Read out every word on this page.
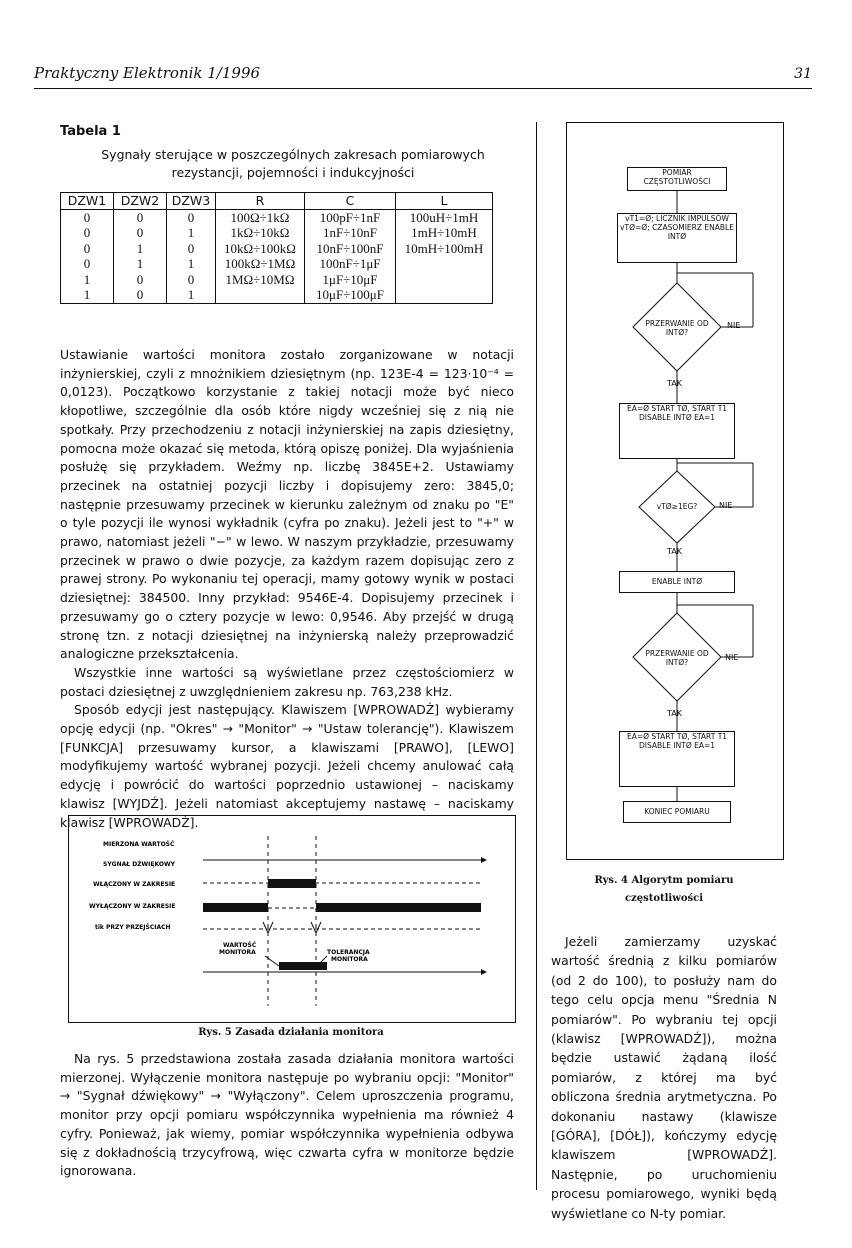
Praktyczny Elektronik 1/1996	31
Tabela 1
Sygnały sterujące w poszczególnych zakresach pomiarowych
rezystancji, pojemności i indukcyjności
DZW1	DZW2	DZW3	R	C	L
0	0	0	100Ω÷1kΩ	100pF÷1nF	100uH÷1mH
0	0	1	1kΩ÷10kΩ	1nF÷10nF	1mH÷10mH
0	1	0	10kΩ÷100kΩ	10nF÷100nF	10mH÷100mH
0	1	1	100kΩ÷1MΩ	100nF÷1μF	
1	0	0	1MΩ÷10MΩ	1μF÷10μF	
1	0	1		10μF÷100μF	

Ustawianie wartości monitora zostało zorganizowane w notacji inżynierskiej, czyli z mnożnikiem dziesiętnym (np. 123E-4 = 123·10⁻⁴ = 0,0123). Początkowo korzystanie z takiej notacji może być nieco kłopotliwe, szczególnie dla osób które nigdy wcześniej się z nią nie spotkały. Przy przechodzeniu z notacji inżynierskiej na zapis dziesiętny, pomocna może okazać się metoda, którą opiszę poniżej. Dla wyjaśnienia posłużę się przykładem. Weźmy np. liczbę 3845E+2. Ustawiamy przecinek na ostatniej pozycji liczby i dopisujemy zero: 3845,0; następnie przesuwamy przecinek w kierunku zależnym od znaku po "E" o tyle pozycji ile wynosi wykładnik (cyfra po znaku). Jeżeli jest to "+" w prawo, natomiast jeżeli "−" w lewo. W naszym przykładzie, przesuwamy przecinek w prawo o dwie pozycje, za każdym razem dopisując zero z prawej strony. Po wykonaniu tej operacji, mamy gotowy wynik w postaci dziesiętnej: 384500. Inny przykład: 9546E-4. Dopisujemy przecinek i przesuwamy go o cztery pozycje w lewo: 0,9546. Aby przejść w drugą stronę tzn. z notacji dziesiętnej na inżynierską należy przeprowadzić analogiczne przekształcenia.

Wszystkie inne wartości są wyświetlane przez częstościomierz w postaci dziesiętnej z uwzględnieniem zakresu np. 763,238 kHz.

Sposób edycji jest następujący. Klawiszem [WPROWADŹ] wybieramy opcję edycji (np. "Okres" → "Monitor" → "Ustaw tolerancję"). Klawiszem [FUNKCJA] przesuwamy kursor, a klawiszami [PRAWO], [LEWO] modyfikujemy wartość wybranej pozycji. Jeżeli chcemy anulować całą edycję i powrócić do wartości poprzednio ustawionej – naciskamy klawisz [WYJDŹ]. Jeżeli natomiast akceptujemy nastawę – naciskamy klawisz [WPROWADŹ].

MIERZONA WARTOŚĆ
SYGNAŁ DŹWIĘKOWY
WŁĄCZONY W ZAKRESIE
WYŁĄCZONY W ZAKRESIE
tik PRZY PRZEJŚCIACH
WARTOŚĆ MONITORA	TOLERANCJA MONITORA
Rys. 5 Zasada działania monitora

Na rys. 5 przedstawiona została zasada działania monitora wartości mierzonej. Wyłączenie monitora następuje po wybraniu opcji: "Monitor" → "Sygnał dźwiękowy" → "Wyłączony". Celem uproszczenia programu, monitor przy opcji pomiaru współczynnika wypełnienia ma również 4 cyfry. Ponieważ, jak wiemy, pomiar współczynnika wypełnienia odbywa się z dokładnością trzycyfrową, więc czwarta cyfra w monitorze będzie ignorowana.

POMIAR CZĘSTOTLIWOŚCI
vT1=Ø; LICZNIK IMPULSÓW vTØ=Ø; CZASOMIERZ ENABLE INTØ
PRZERWANIE OD INTØ?
NIE
TAK
EA=Ø START TØ, START T1 DISABLE INTØ EA=1
vTØ≥1EG?	NIE
TAK
ENABLE INTØ
PRZERWANIE OD INTØ?
NIE
TAK
EA=Ø START TØ, START T1 DISABLE INTØ EA=1
KONIEC POMIARU
Rys. 4 Algorytm pomiaru
częstotliwości

Jeżeli zamierzamy uzyskać wartość średnią z kilku pomiarów (od 2 do 100), to posłuży nam do tego celu opcja menu "Średnia N pomiarów". Po wybraniu tej opcji (klawisz [WPROWADŹ]), można będzie ustawić żądaną ilość pomiarów, z której ma być obliczona średnia arytmetyczna. Po dokonaniu nastawy (klawisze [GÓRA], [DÓŁ]), kończymy edycję klawiszem [WPROWADŹ]. Następnie, po uruchomieniu procesu pomiarowego, wyniki będą wyświetlane co N-ty pomiar.
